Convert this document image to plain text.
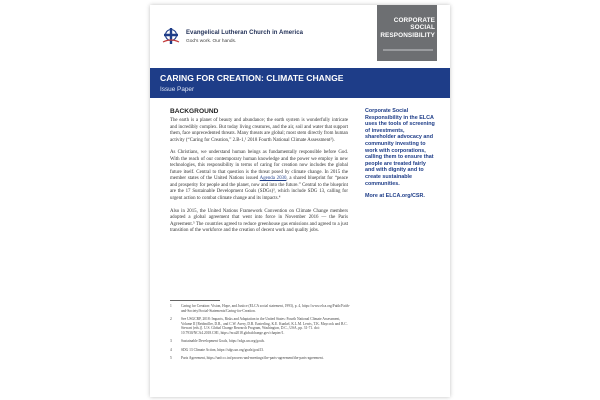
Evangelical Lutheran Church in America
God's work. Our hands.
CORPORATE
SOCIAL
RESPONSIBILITY
CARING FOR CREATION: CLIMATE CHANGE
Issue Paper
BACKGROUND

The earth is a planet of beauty and abundance; the earth system is wonderfully intricate and incredibly complex. But today living creatures, and the air, soil and water that support them, face unprecedented threats. Many threats are global; most stem directly from human activity (“Caring for Creation,” 2.B-1,¹ 2018 Fourth National Climate Assessment²).

As Christians, we understand human beings as fundamentally responsible before God. With the reach of our contemporary human knowledge and the power we employ in new technologies, this responsibility in terms of caring for creation now includes the global future itself. Central to that question is the threat posed by climate change. In 2015 the member states of the United Nations issued Agenda 2030, a shared blueprint for “peace and prosperity for people and the planet, now and into the future.” Central to the blueprint are the 17 Sustainable Development Goals (SDGs)³, which include SDG 13, calling for urgent action to combat climate change and its impacts.⁴

Also in 2015, the United Nations Framework Convention on Climate Change members adopted a global agreement that went into force in November 2016 — the Paris Agreement.⁵ The countries agreed to reduce greenhouse gas emissions and agreed to a just transition of the workforce and the creation of decent work and quality jobs.

Corporate Social Responsibility in the ELCA uses the tools of screening of investments, shareholder advocacy and community investing to work with corporations, calling them to ensure that people are treated fairly and with dignity and to create sustainable communities.

More at ELCA.org/CSR.

1	Caring for Creation: Vision, Hope, and Justice (ELCA social statement, 1993), p. 4, https://www.elca.org/Faith/Faith-and-Society/Social-Statements/Caring-for-Creation.
2	See USGCRP, 2018: Impacts, Risks and Adaptation in the United States: Fourth National Climate Assessment, Volume II [Reidmiller, D.R., and C.W. Avery, D.R. Easterling, K.E. Kunkel, K.L.M. Lewis, T.K. Maycock and B.C. Stewart (eds.)]. U.S. Global Change Research Program, Washington, D.C., USA, pp. 31-71. doi: 10.7930/NCA4.2018.CH1, https://nca2018.globalchange.gov/chapter/1.
3	Sustainable Development Goals, https://sdgs.un.org/goals.
4	SDG 13 Climate Action, https://sdgs.un.org/goals/goal13.
5	Paris Agreement, https://unfccc.int/process-and-meetings/the-paris-agreement/the-paris-agreement.
